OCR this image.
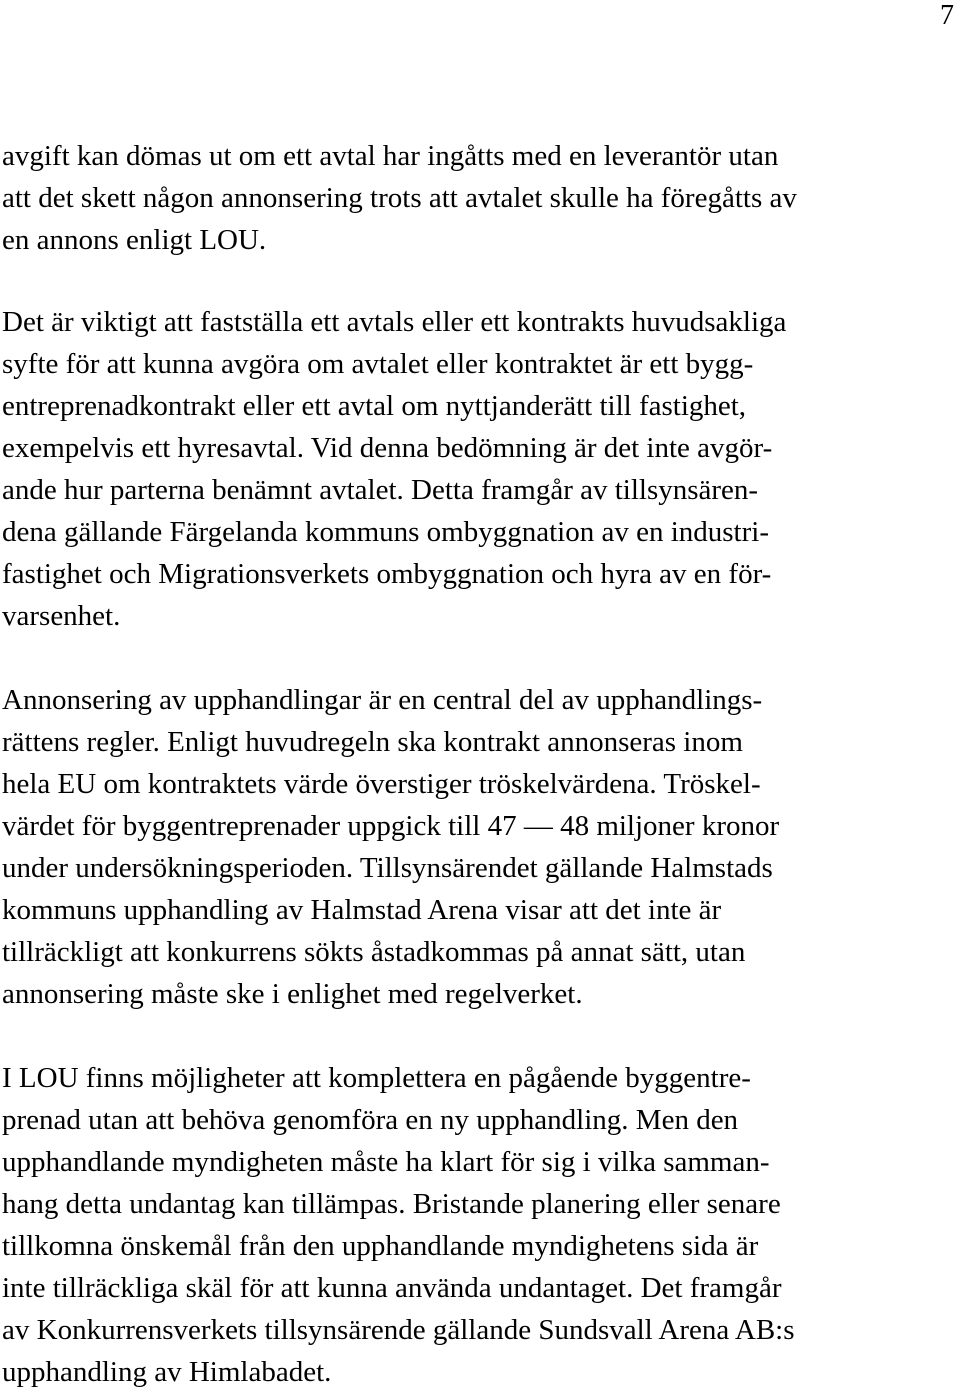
7
avgift kan dömas ut om ett avtal har ingåtts med en leverantör utan
att det skett någon annonsering trots att avtalet skulle ha föregåtts av
en annons enligt LOU.
Det är viktigt att fastställa ett avtals eller ett kontrakts huvudsakliga
syfte för att kunna avgöra om avtalet eller kontraktet är ett bygg-
entreprenadkontrakt eller ett avtal om nyttjanderätt till fastighet,
exempelvis ett hyresavtal. Vid denna bedömning är det inte avgör-
ande hur parterna benämnt avtalet. Detta framgår av tillsynsären-
dena gällande Färgelanda kommuns ombyggnation av en industri-
fastighet och Migrationsverkets ombyggnation och hyra av en för-
varsenhet.
Annonsering av upphandlingar är en central del av upphandlings-
rättens regler. Enligt huvudregeln ska kontrakt annonseras inom
hela EU om kontraktets värde överstiger tröskelvärdena. Tröskel-
värdet för byggentreprenader uppgick till 47 — 48 miljoner kronor
under undersökningsperioden. Tillsynsärendet gällande Halmstads
kommuns upphandling av Halmstad Arena visar att det inte är
tillräckligt att konkurrens sökts åstadkommas på annat sätt, utan
annonsering måste ske i enlighet med regelverket.
I LOU finns möjligheter att komplettera en pågående byggentre-
prenad utan att behöva genomföra en ny upphandling. Men den
upphandlande myndigheten måste ha klart för sig i vilka samman-
hang detta undantag kan tillämpas. Bristande planering eller senare
tillkomna önskemål från den upphandlande myndighetens sida är
inte tillräckliga skäl för att kunna använda undantaget. Det framgår
av Konkurrensverkets tillsynsärende gällande Sundsvall Arena AB:s
upphandling av Himlabadet.
